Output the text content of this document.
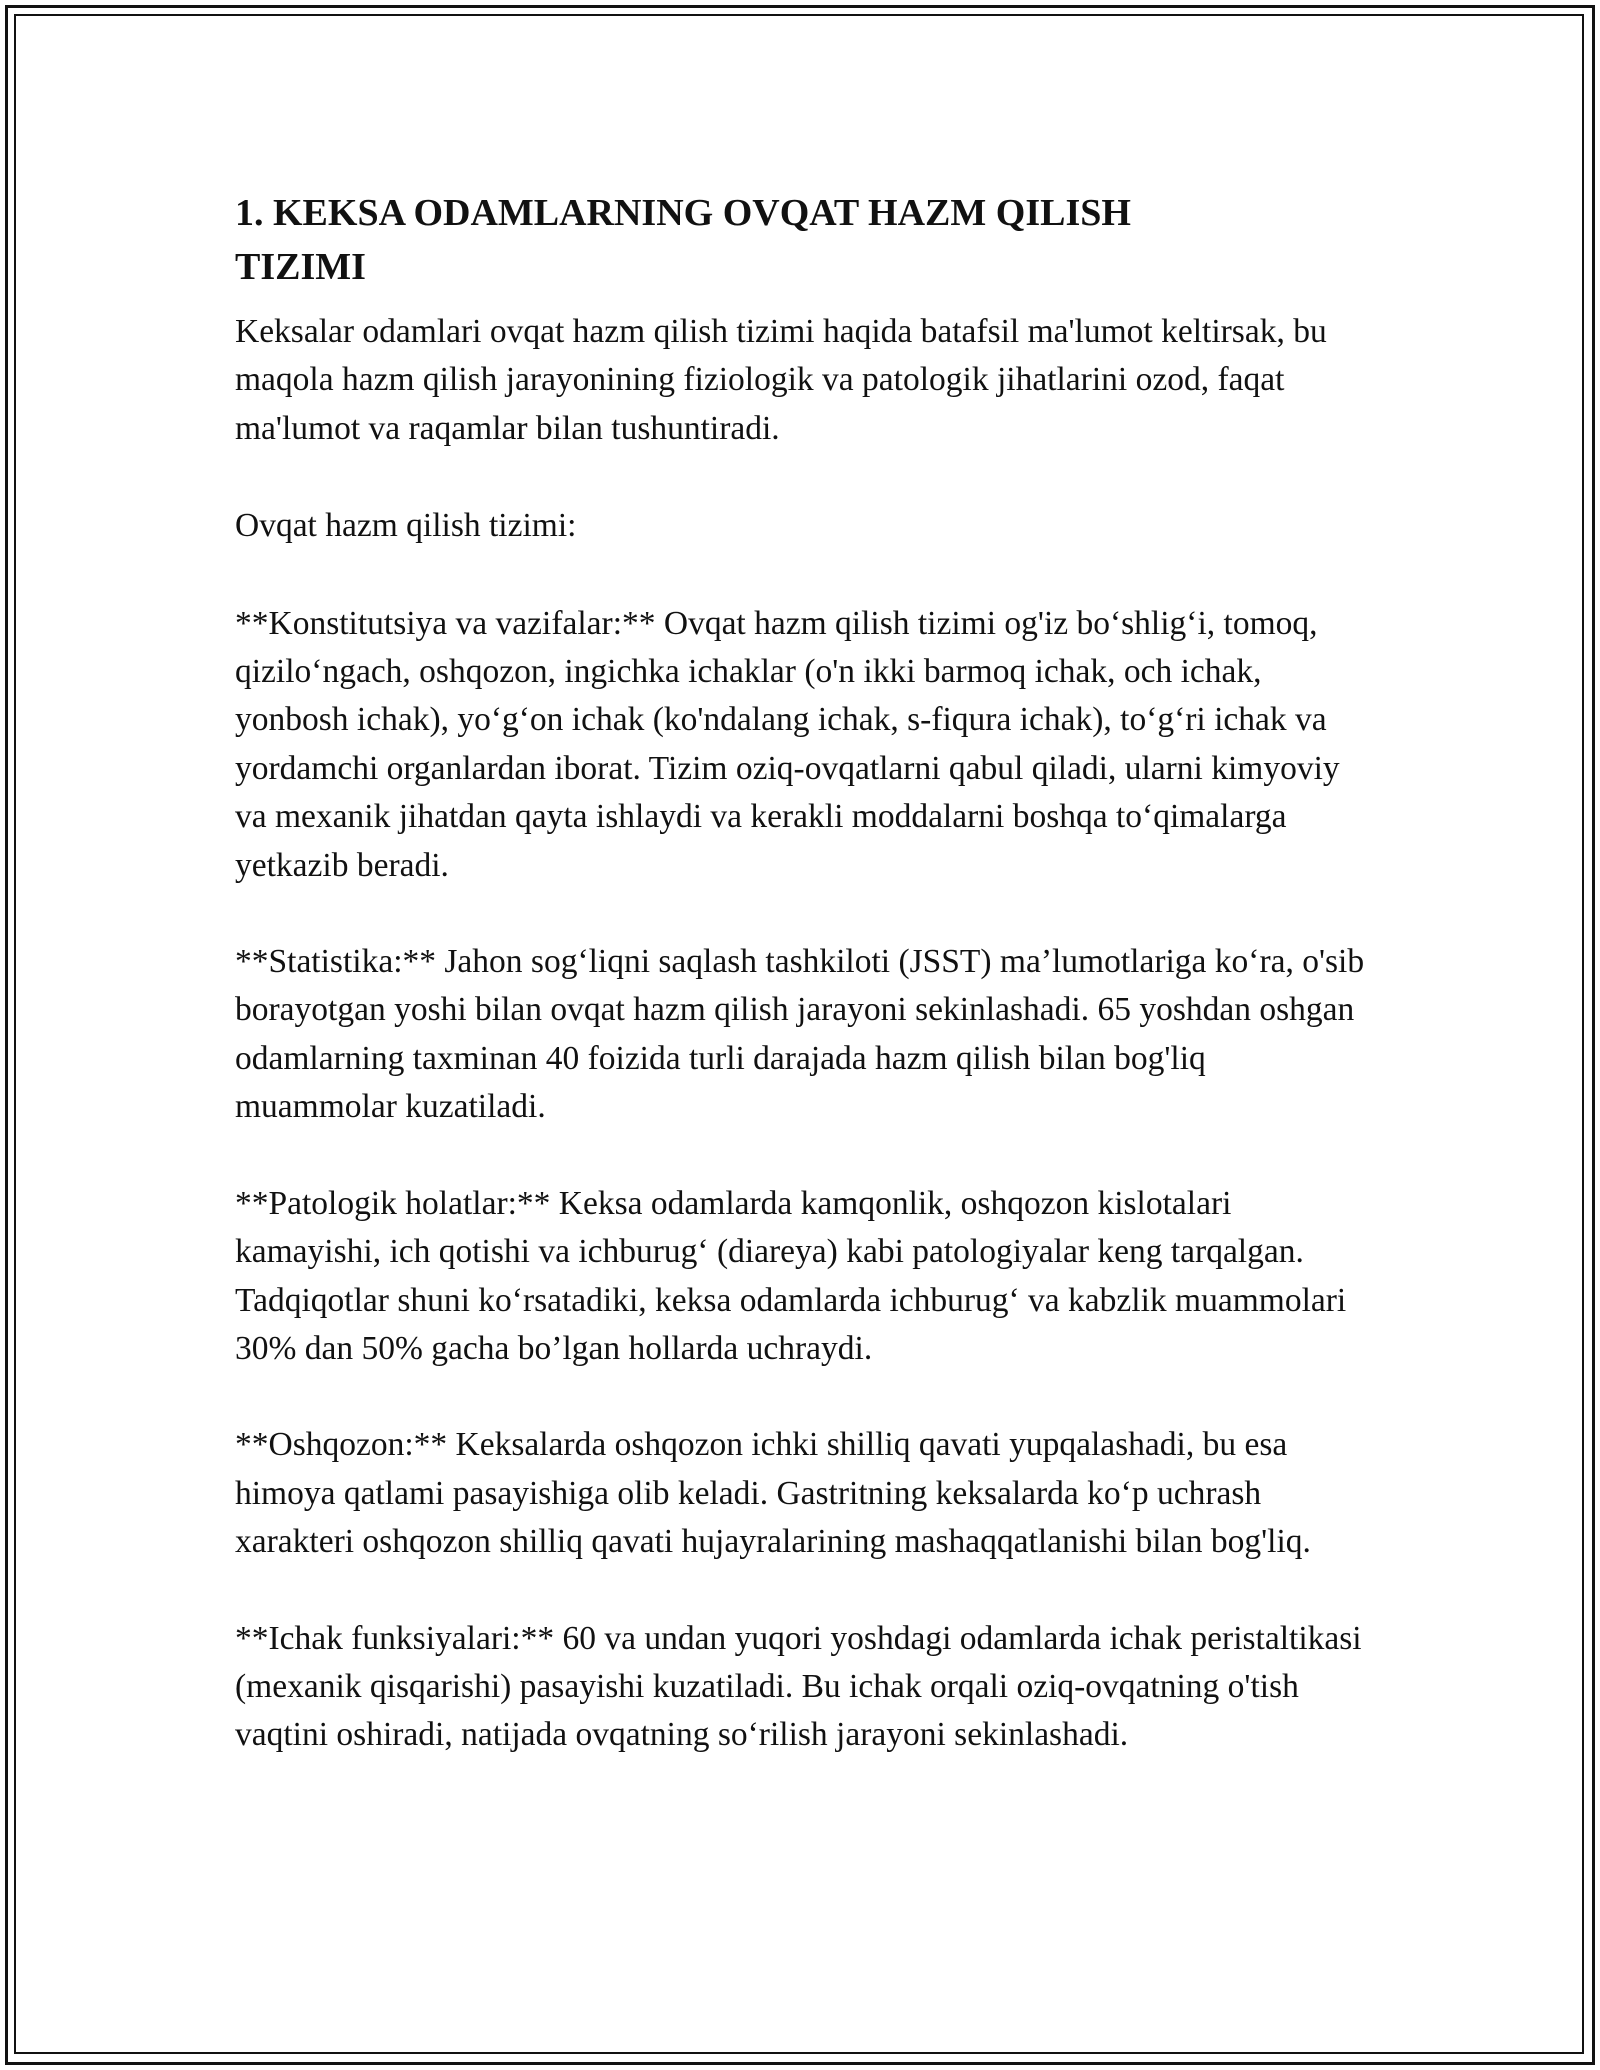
1. KEKSA ODAMLARNING OVQAT HAZM QILISH TIZIMI

Keksalar odamlari ovqat hazm qilish tizimi haqida batafsil ma'lumot keltirsak, bu maqola hazm qilish jarayonining fiziologik va patologik jihatlarini ozod, faqat ma'lumot va raqamlar bilan tushuntiradi.

Ovqat hazm qilish tizimi:

**Konstitutsiya va vazifalar:** Ovqat hazm qilish tizimi og'iz bo‘shlig‘i, tomoq, qizilo‘ngach, oshqozon, ingichka ichaklar (o'n ikki barmoq ichak, och ichak, yonbosh ichak), yo‘g‘on ichak (ko'ndalang ichak, s-fiqura ichak), to‘g‘ri ichak va yordamchi organlardan iborat. Tizim oziq-ovqatlarni qabul qiladi, ularni kimyoviy va mexanik jihatdan qayta ishlaydi va kerakli moddalarni boshqa to‘qimalarga yetkazib beradi.

**Statistika:** Jahon sog‘liqni saqlash tashkiloti (JSST) ma’lumotlariga ko‘ra, o'sib borayotgan yoshi bilan ovqat hazm qilish jarayoni sekinlashadi. 65 yoshdan oshgan odamlarning taxminan 40 foizida turli darajada hazm qilish bilan bog'liq muammolar kuzatiladi.

**Patologik holatlar:** Keksa odamlarda kamqonlik, oshqozon kislotalari kamayishi, ich qotishi va ichburug‘ (diareya) kabi patologiyalar keng tarqalgan. Tadqiqotlar shuni ko‘rsatadiki, keksa odamlarda ichburug‘ va kabzlik muammolari 30% dan 50% gacha bo’lgan hollarda uchraydi.

**Oshqozon:** Keksalarda oshqozon ichki shilliq qavati yupqalashadi, bu esa himoya qatlami pasayishiga olib keladi. Gastritning keksalarda ko‘p uchrash xarakteri oshqozon shilliq qavati hujayralarining mashaqqatlanishi bilan bog'liq.

**Ichak funksiyalari:** 60 va undan yuqori yoshdagi odamlarda ichak peristaltikasi (mexanik qisqarishi) pasayishi kuzatiladi. Bu ichak orqali oziq-ovqatning o'tish vaqtini oshiradi, natijada ovqatning so‘rilish jarayoni sekinlashadi.
